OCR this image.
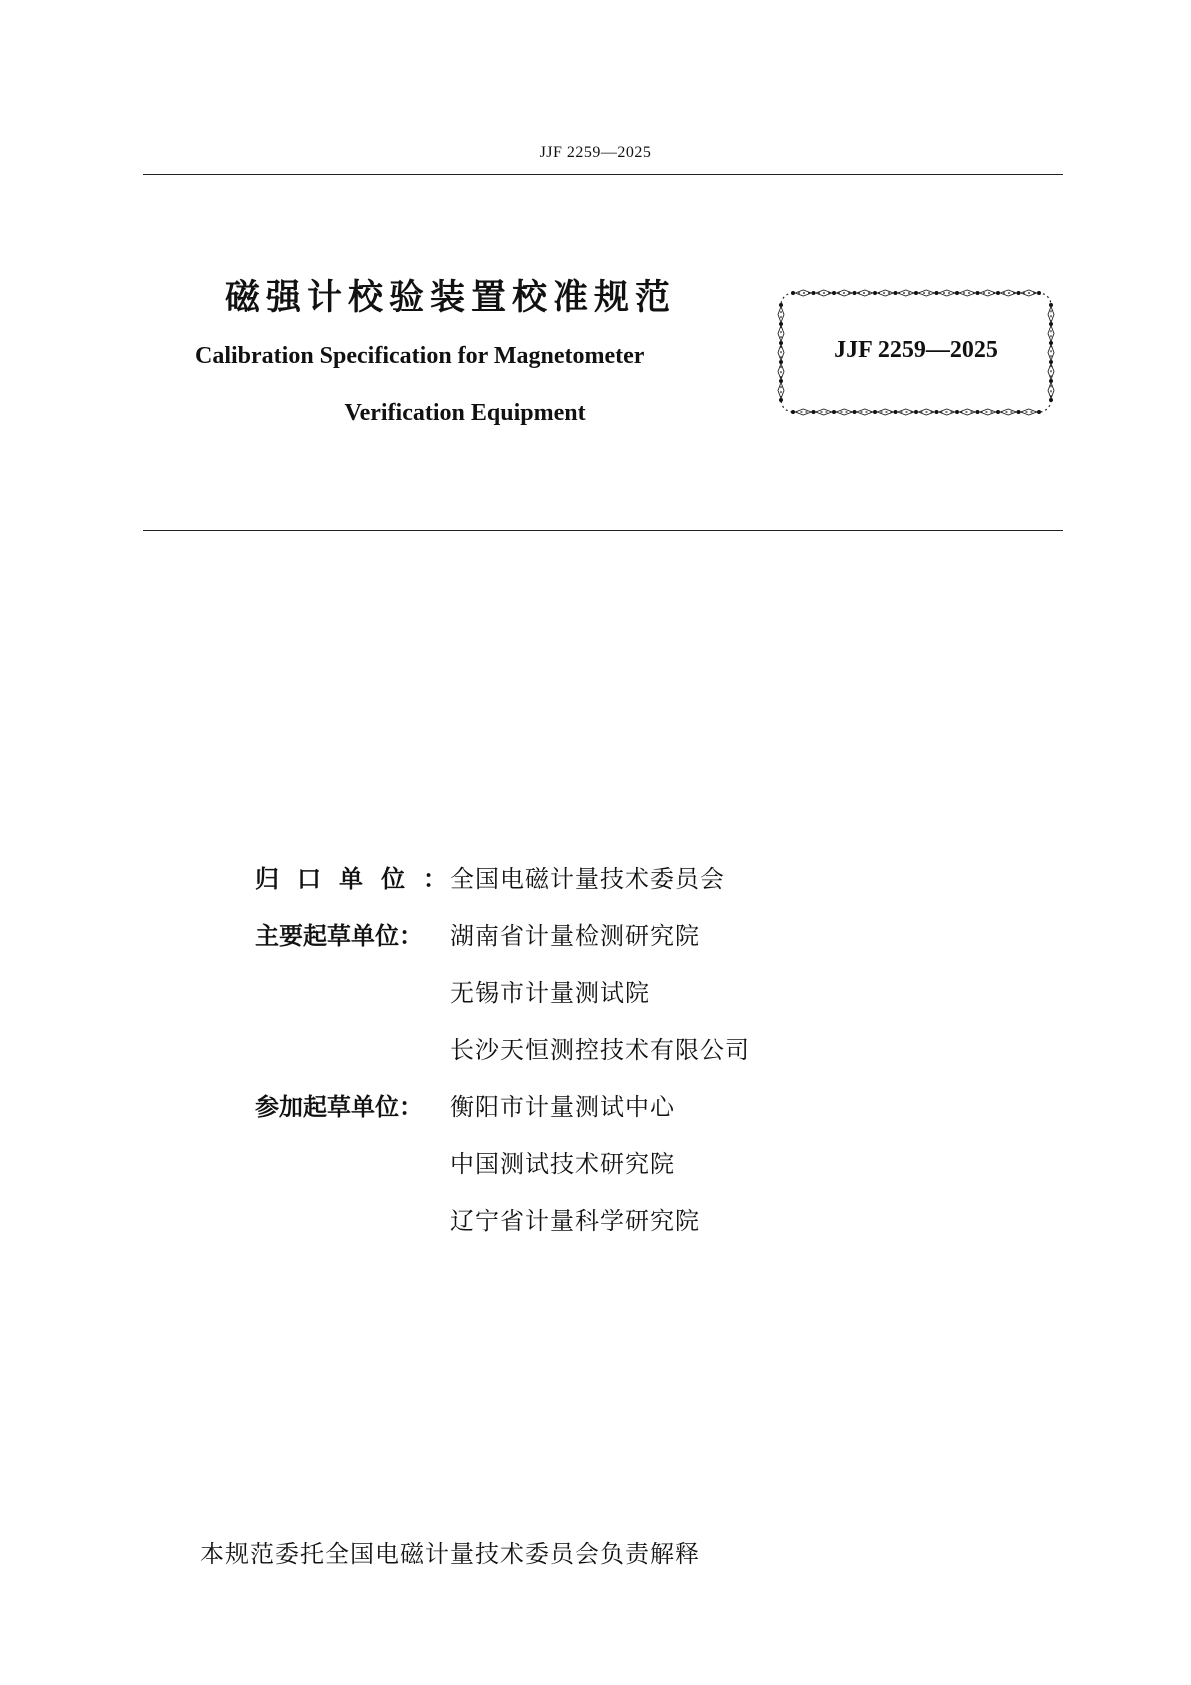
JJF 2259—2025
磁强计校验装置校准规范
Calibration Specification for Magnetometer
Verification Equipment
JJF 2259—2025
归口单位：
全国电磁计量技术委员会
主要起草单位：	湖南省计量检测研究院
无锡市计量测试院
长沙天恒测控技术有限公司
参加起草单位：	衡阳市计量测试中心
中国测试技术研究院
辽宁省计量科学研究院
本规范委托全国电磁计量技术委员会负责解释
